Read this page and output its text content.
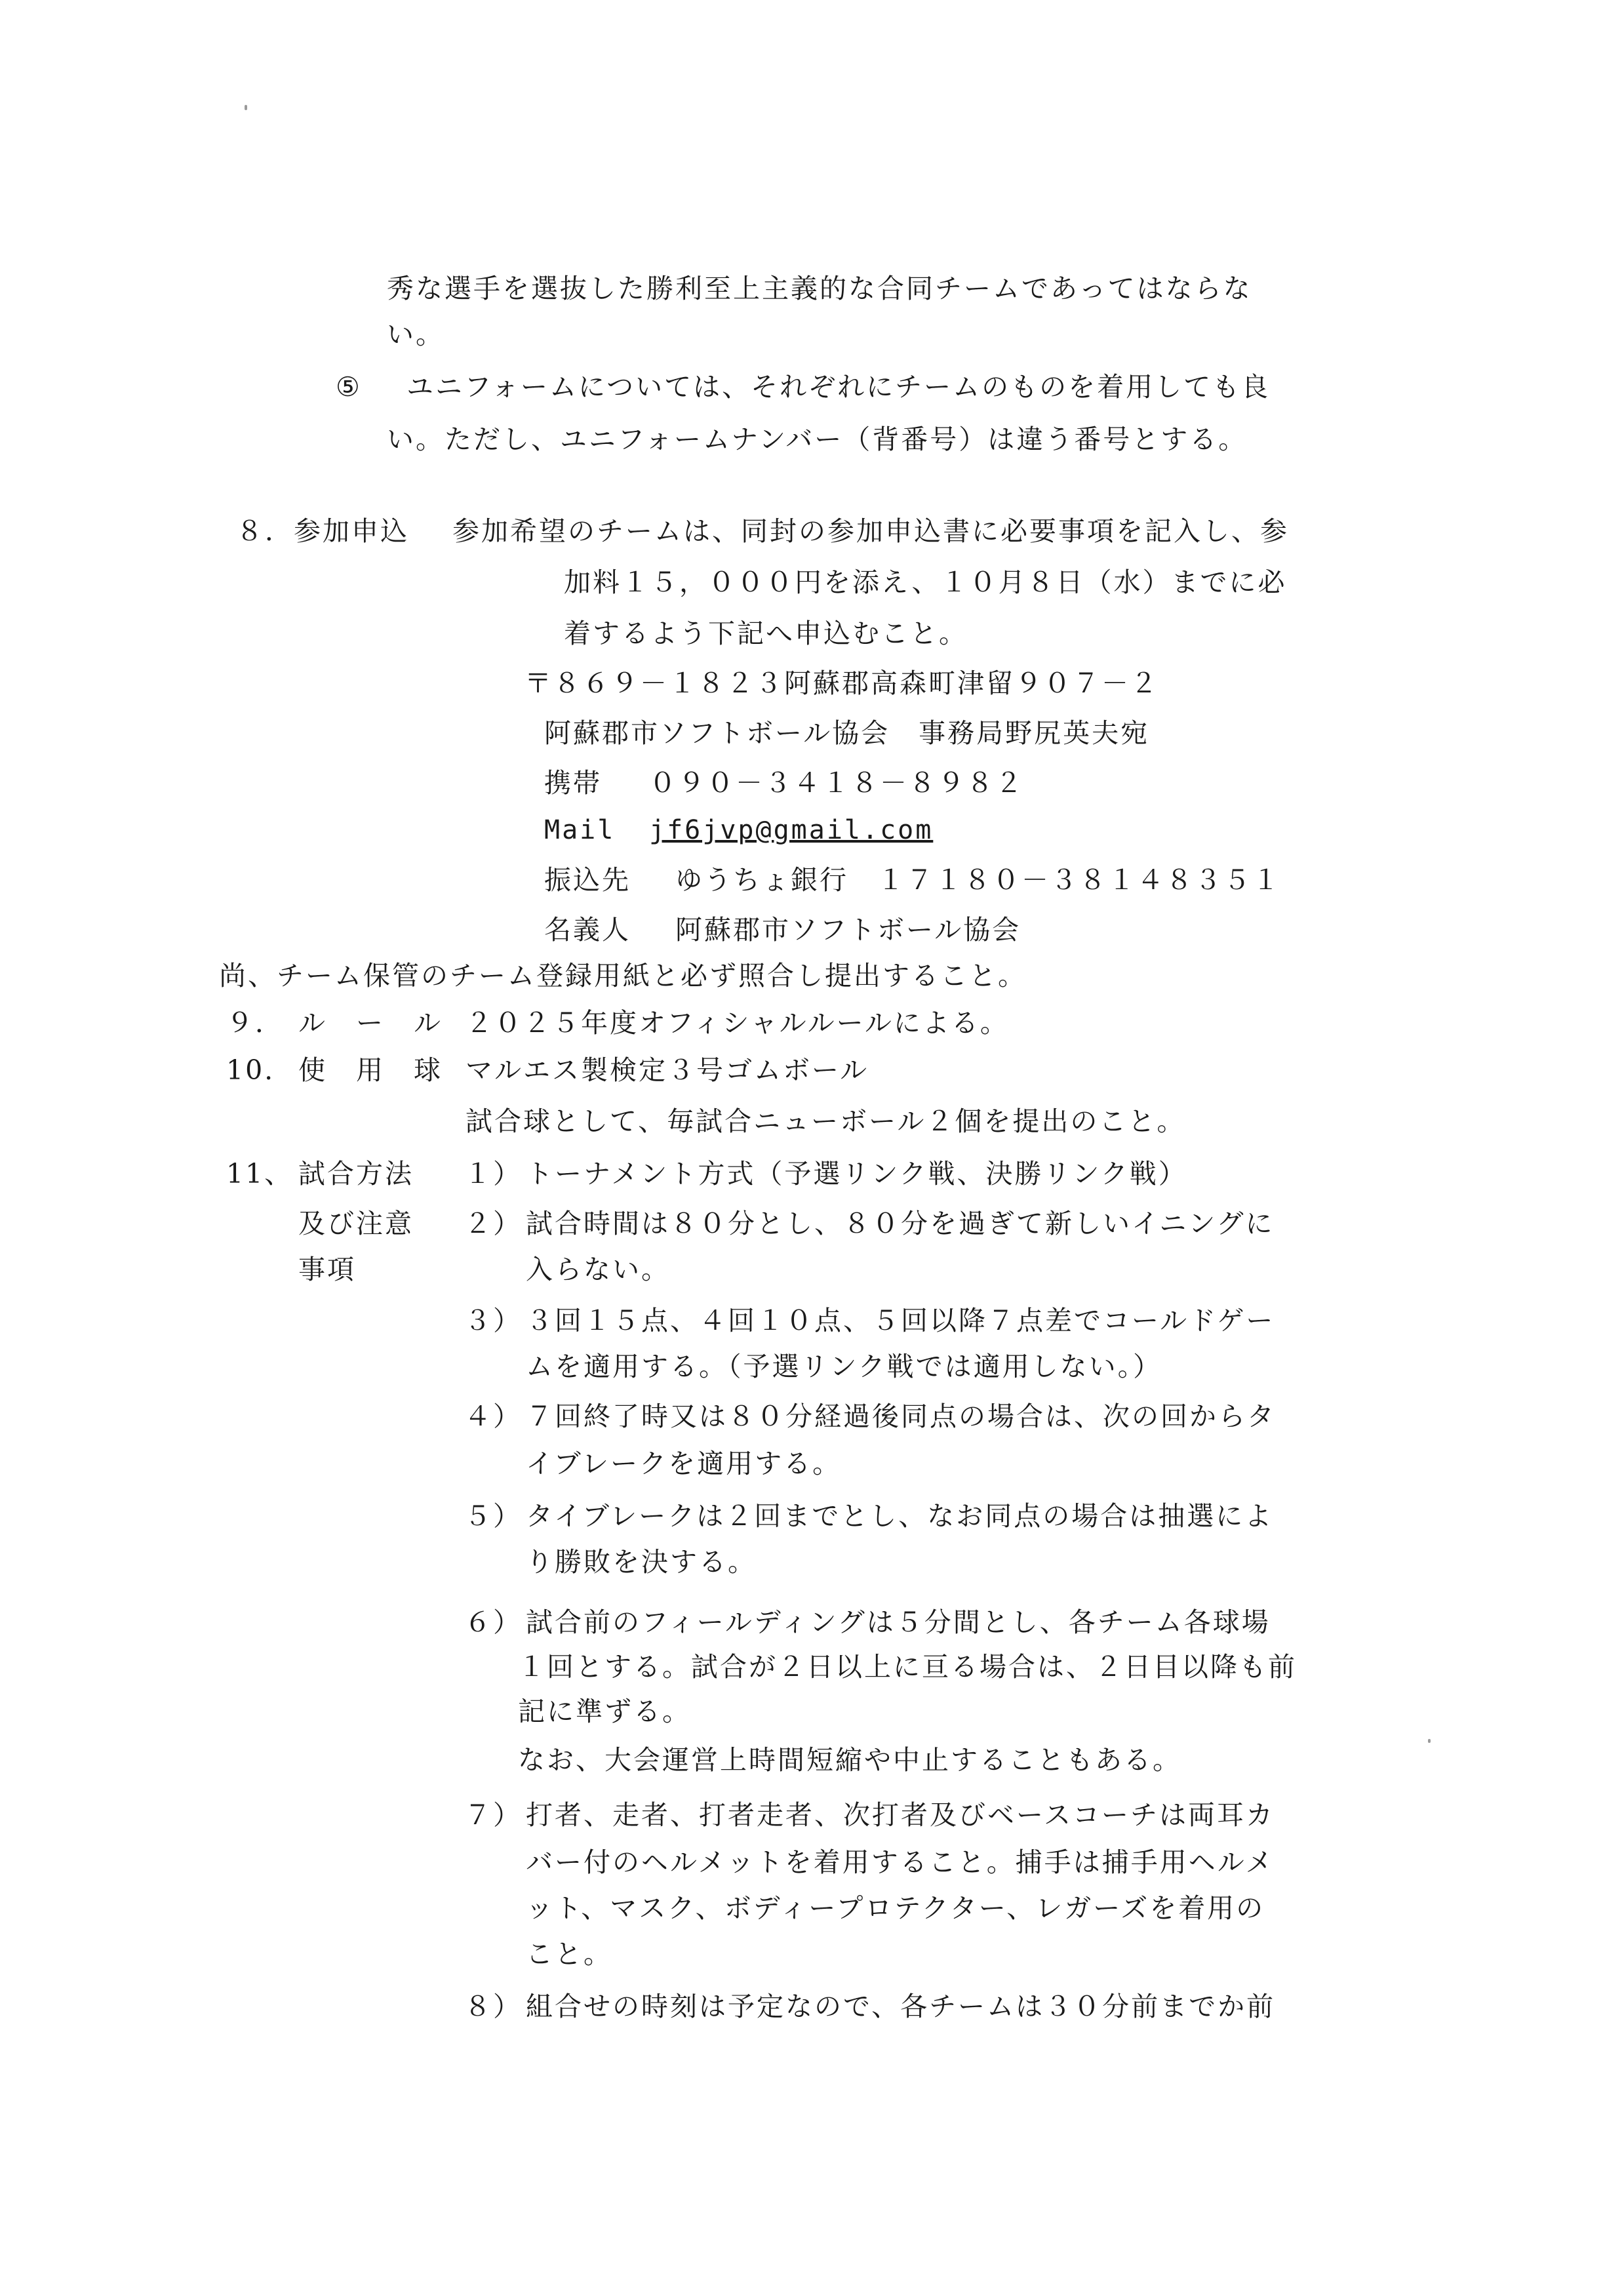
秀な選手を選抜した勝利至上主義的な合同チームであってはならな
い。
⑤ ユニフォームについては、それぞれにチームのものを着用しても良
い。ただし、ユニフォームナンバー（背番号）は違う番号とする。
８．参加申込 参加希望のチームは、同封の参加申込書に必要事項を記入し、参
加料１５，０００円を添え、１０月８日（水）までに必
着するよう下記へ申込むこと。
〒８６９－１８２３阿蘇郡高森町津留９０７－２
阿蘇郡市ソフトボール協会　事務局野尻英夫宛
携帯 ０９０－３４１８－８９８２
Mail jf6jvp@gmail.com
振込先 ゆうちょ銀行　１７１８０－３８１４８３５１
名義人 阿蘇郡市ソフトボール協会
尚、チーム保管のチーム登録用紙と必ず照合し提出すること。
９． ル　ー　ル ２０２５年度オフィシャルルールによる。
10. 使　用　球 マルエス製検定３号ゴムボール
試合球として、毎試合ニューボール２個を提出のこと。
11、 試合方法
及び注意
事項
１） トーナメント方式（予選リンク戦、決勝リンク戦）
２） 試合時間は８０分とし、８０分を過ぎて新しいイニングに
入らない。
３） ３回１５点、４回１０点、５回以降７点差でコールドゲー
ムを適用する。（予選リンク戦では適用しない。）
４） ７回終了時又は８０分経過後同点の場合は、次の回からタ
イブレークを適用する。
５） タイブレークは２回までとし、なお同点の場合は抽選によ
り勝敗を決する。
６） 試合前のフィールディングは５分間とし、各チーム各球場
１回とする。試合が２日以上に亘る場合は、２日目以降も前
記に準ずる。
なお、大会運営上時間短縮や中止することもある。
７） 打者、走者、打者走者、次打者及びベースコーチは両耳カ
バー付のヘルメットを着用すること。捕手は捕手用ヘルメ
ット、マスク、ボディープロテクター、レガーズを着用の
こと。
８） 組合せの時刻は予定なので、各チームは３０分前までか前
